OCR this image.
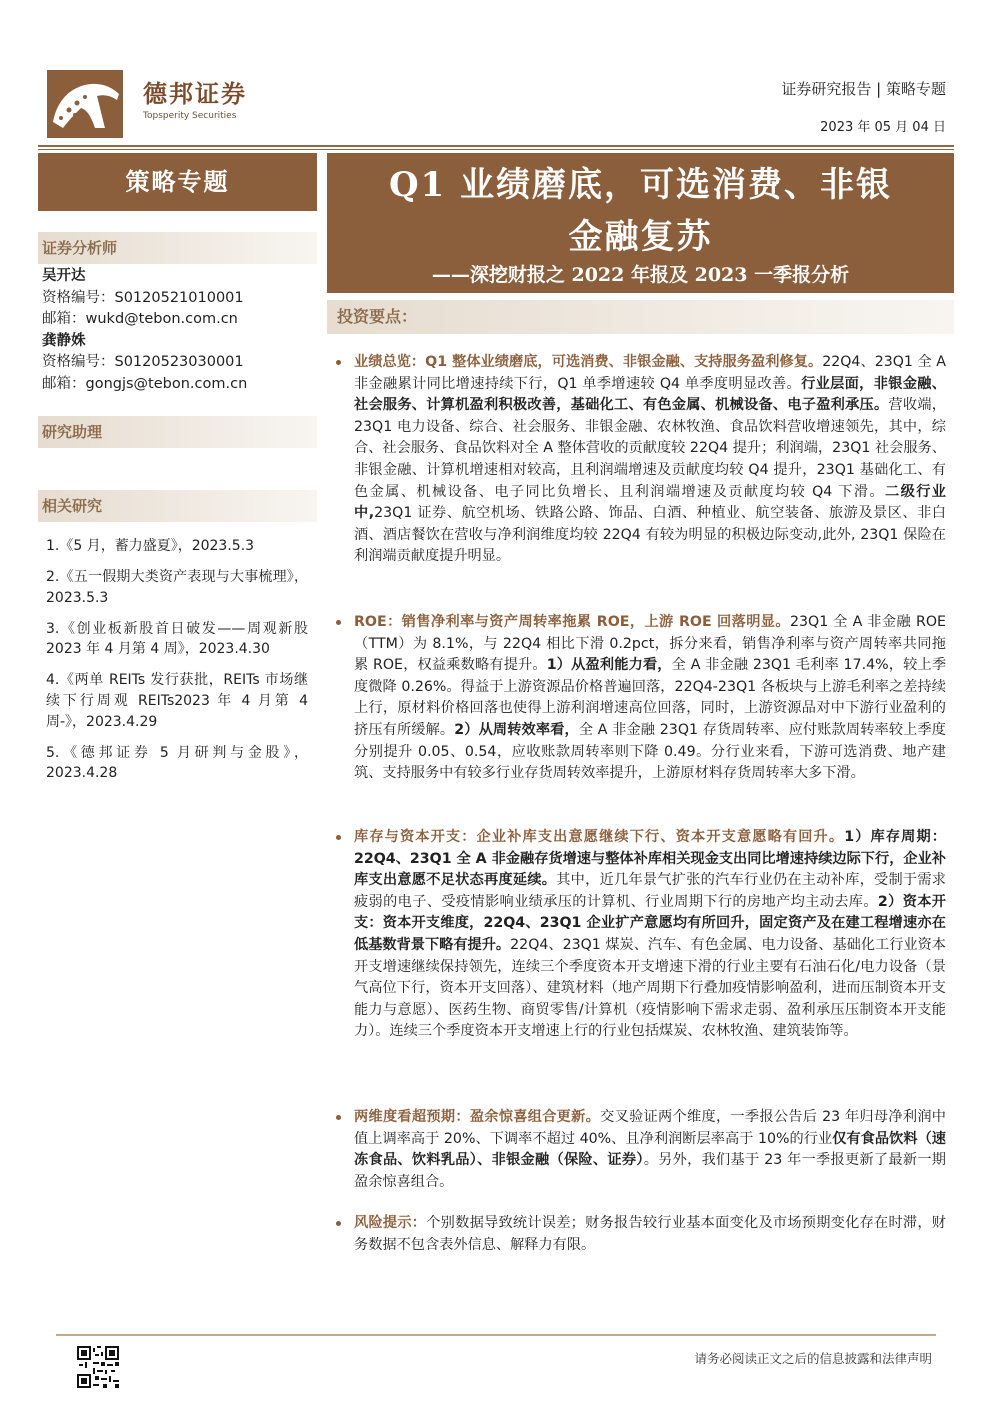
德邦证券
Topsperity Securities
证券研究报告 | 策略专题
2023 年 05 月 04 日
策略专题
证券分析师
吴开达
资格编号：S0120521010001
邮箱：wukd@tebon.com.cn
龚静姝
资格编号：S0120523030001
邮箱：gongjs@tebon.com.cn
研究助理
相关研究
1.《5 月，蓄力盛夏》，2023.5.3
2.《五一假期大类资产表现与大事梳理》，2023.5.3
3.《创业板新股首日破发——周观新股 2023 年 4 月第 4 周》，2023.4.30
4.《两单 REITs 发行获批，REITs 市场继续下行周观 REITs2023 年 4 月第 4 周-》，2023.4.29
5.《德邦证券 5 月研判与金股》，2023.4.28
Q1 业绩磨底，可选消费、非银
金融复苏
——深挖财报之 2022 年报及 2023 一季报分析
投资要点：
业绩总览：Q1 整体业绩磨底，可选消费、非银金融、支持服务盈利修复。22Q4、23Q1 全 A 非金融累计同比增速持续下行，Q1 单季增速较 Q4 单季度明显改善。行业层面，非银金融、社会服务、计算机盈利积极改善，基础化工、有色金属、机械设备、电子盈利承压。营收端，23Q1 电力设备、综合、社会服务、非银金融、农林牧渔、食品饮料营收增速领先，其中，综合、社会服务、食品饮料对全 A 整体营收的贡献度较 22Q4 提升；利润端，23Q1 社会服务、非银金融、计算机增速相对较高，且利润端增速及贡献度均较 Q4 提升，23Q1 基础化工、有色金属、机械设备、电子同比负增长、且利润端增速及贡献度均较 Q4 下滑。二级行业中,23Q1 证券、航空机场、铁路公路、饰品、白酒、种植业、航空装备、旅游及景区、非白酒、酒店餐饮在营收与净利润维度均较 22Q4 有较为明显的积极边际变动,此外, 23Q1 保险在利润端贡献度提升明显。
ROE：销售净利率与资产周转率拖累 ROE，上游 ROE 回落明显。23Q1 全 A 非金融 ROE（TTM）为 8.1%，与 22Q4 相比下滑 0.2pct，拆分来看，销售净利率与资产周转率共同拖累 ROE，权益乘数略有提升。1）从盈利能力看，全 A 非金融 23Q1 毛利率 17.4%，较上季度微降 0.26%。得益于上游资源品价格普遍回落，22Q4-23Q1 各板块与上游毛利率之差持续上行，原材料价格回落也使得上游利润增速高位回落，同时，上游资源品对中下游行业盈利的挤压有所缓解。2）从周转效率看，全 A 非金融 23Q1 存货周转率、应付账款周转率较上季度分别提升 0.05、0.54，应收账款周转率则下降 0.49。分行业来看，下游可选消费、地产建筑、支持服务中有较多行业存货周转效率提升，上游原材料存货周转率大多下滑。
库存与资本开支：企业补库支出意愿继续下行、资本开支意愿略有回升。1）库存周期：22Q4、23Q1 全 A 非金融存货增速与整体补库相关现金支出同比增速持续边际下行，企业补库支出意愿不足状态再度延续。其中，近几年景气扩张的汽车行业仍在主动补库，受制于需求疲弱的电子、受疫情影响业绩承压的计算机、行业周期下行的房地产均主动去库。2）资本开支：资本开支维度，22Q4、23Q1 企业扩产意愿均有所回升，固定资产及在建工程增速亦在低基数背景下略有提升。22Q4、23Q1 煤炭、汽车、有色金属、电力设备、基础化工行业资本开支增速继续保持领先，连续三个季度资本开支增速下滑的行业主要有石油石化/电力设备（景气高位下行，资本开支回落）、建筑材料（地产周期下行叠加疫情影响盈利，进而压制资本开支能力与意愿）、医药生物、商贸零售/计算机（疫情影响下需求走弱、盈利承压压制资本开支能力）。连续三个季度资本开支增速上行的行业包括煤炭、农林牧渔、建筑装饰等。
两维度看超预期：盈余惊喜组合更新。交叉验证两个维度，一季报公告后 23 年归母净利润中值上调率高于 20%、下调率不超过 40%、且净利润断层率高于 10%的行业仅有食品饮料（速冻食品、饮料乳品）、非银金融（保险、证券）。另外，我们基于 23 年一季报更新了最新一期盈余惊喜组合。
风险提示：个别数据导致统计误差；财务报告较行业基本面变化及市场预期变化存在时滞，财务数据不包含表外信息、解释力有限。
请务必阅读正文之后的信息披露和法律声明
